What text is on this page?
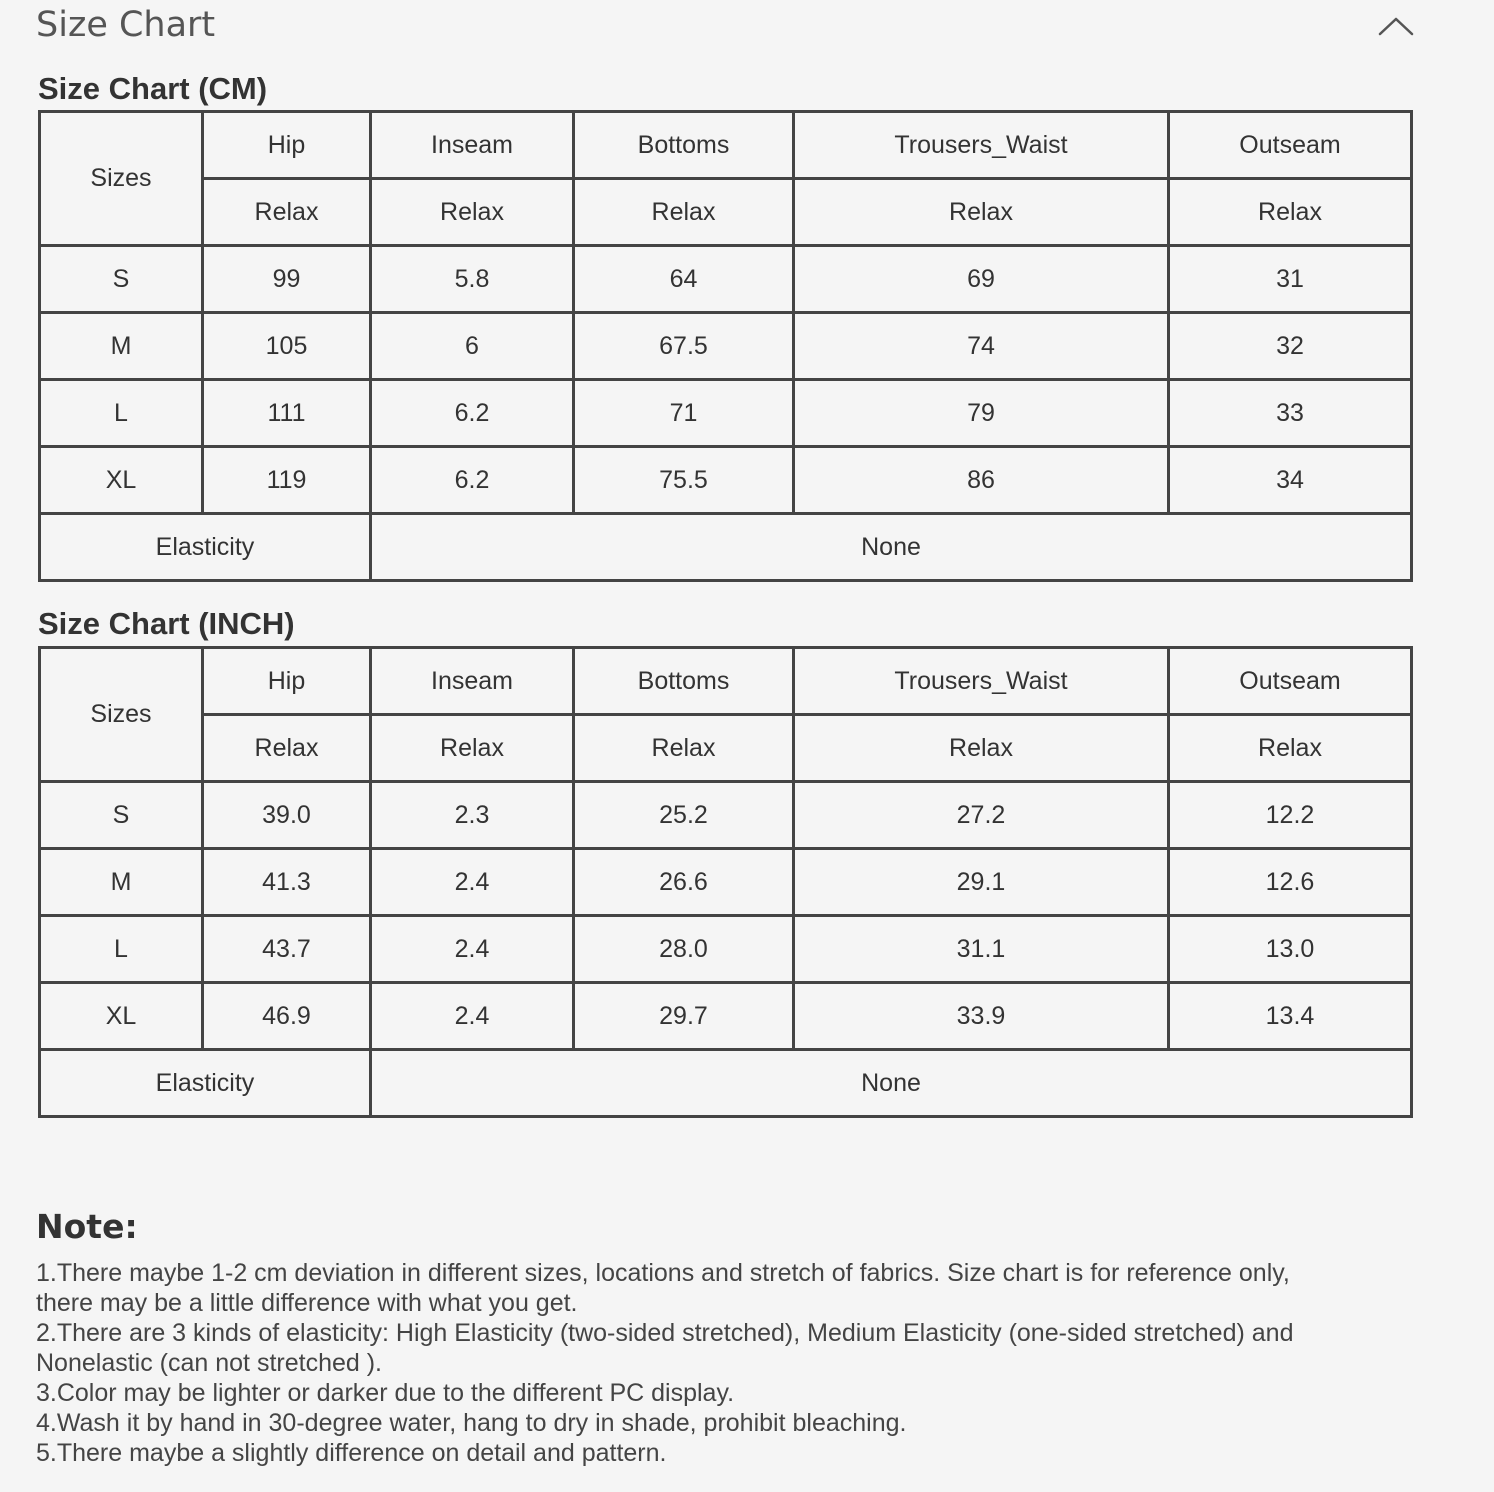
Size Chart
Size Chart (CM)
Sizes	Hip	Inseam	Bottoms	Trousers_Waist	Outseam
	Relax	Relax	Relax	Relax	Relax
S	99	5.8	64	69	31
M	105	6	67.5	74	32
L	111	6.2	71	79	33
XL	119	6.2	75.5	86	34
Elasticity		None			
Size Chart (INCH)
Sizes	Hip	Inseam	Bottoms	Trousers_Waist	Outseam
	Relax	Relax	Relax	Relax	Relax
S	39.0	2.3	25.2	27.2	12.2
M	41.3	2.4	26.6	29.1	12.6
L	43.7	2.4	28.0	31.1	13.0
XL	46.9	2.4	29.7	33.9	13.4
Elasticity		None			
Note:
1.There maybe 1-2 cm deviation in different sizes, locations and stretch of fabrics. Size chart is for reference only,
there may be a little difference with what you get.
2.There are 3 kinds of elasticity: High Elasticity (two-sided stretched), Medium Elasticity (one-sided stretched) and
Nonelastic (can not stretched ).
3.Color may be lighter or darker due to the different PC display.
4.Wash it by hand in 30-degree water, hang to dry in shade, prohibit bleaching.
5.There maybe a slightly difference on detail and pattern.
